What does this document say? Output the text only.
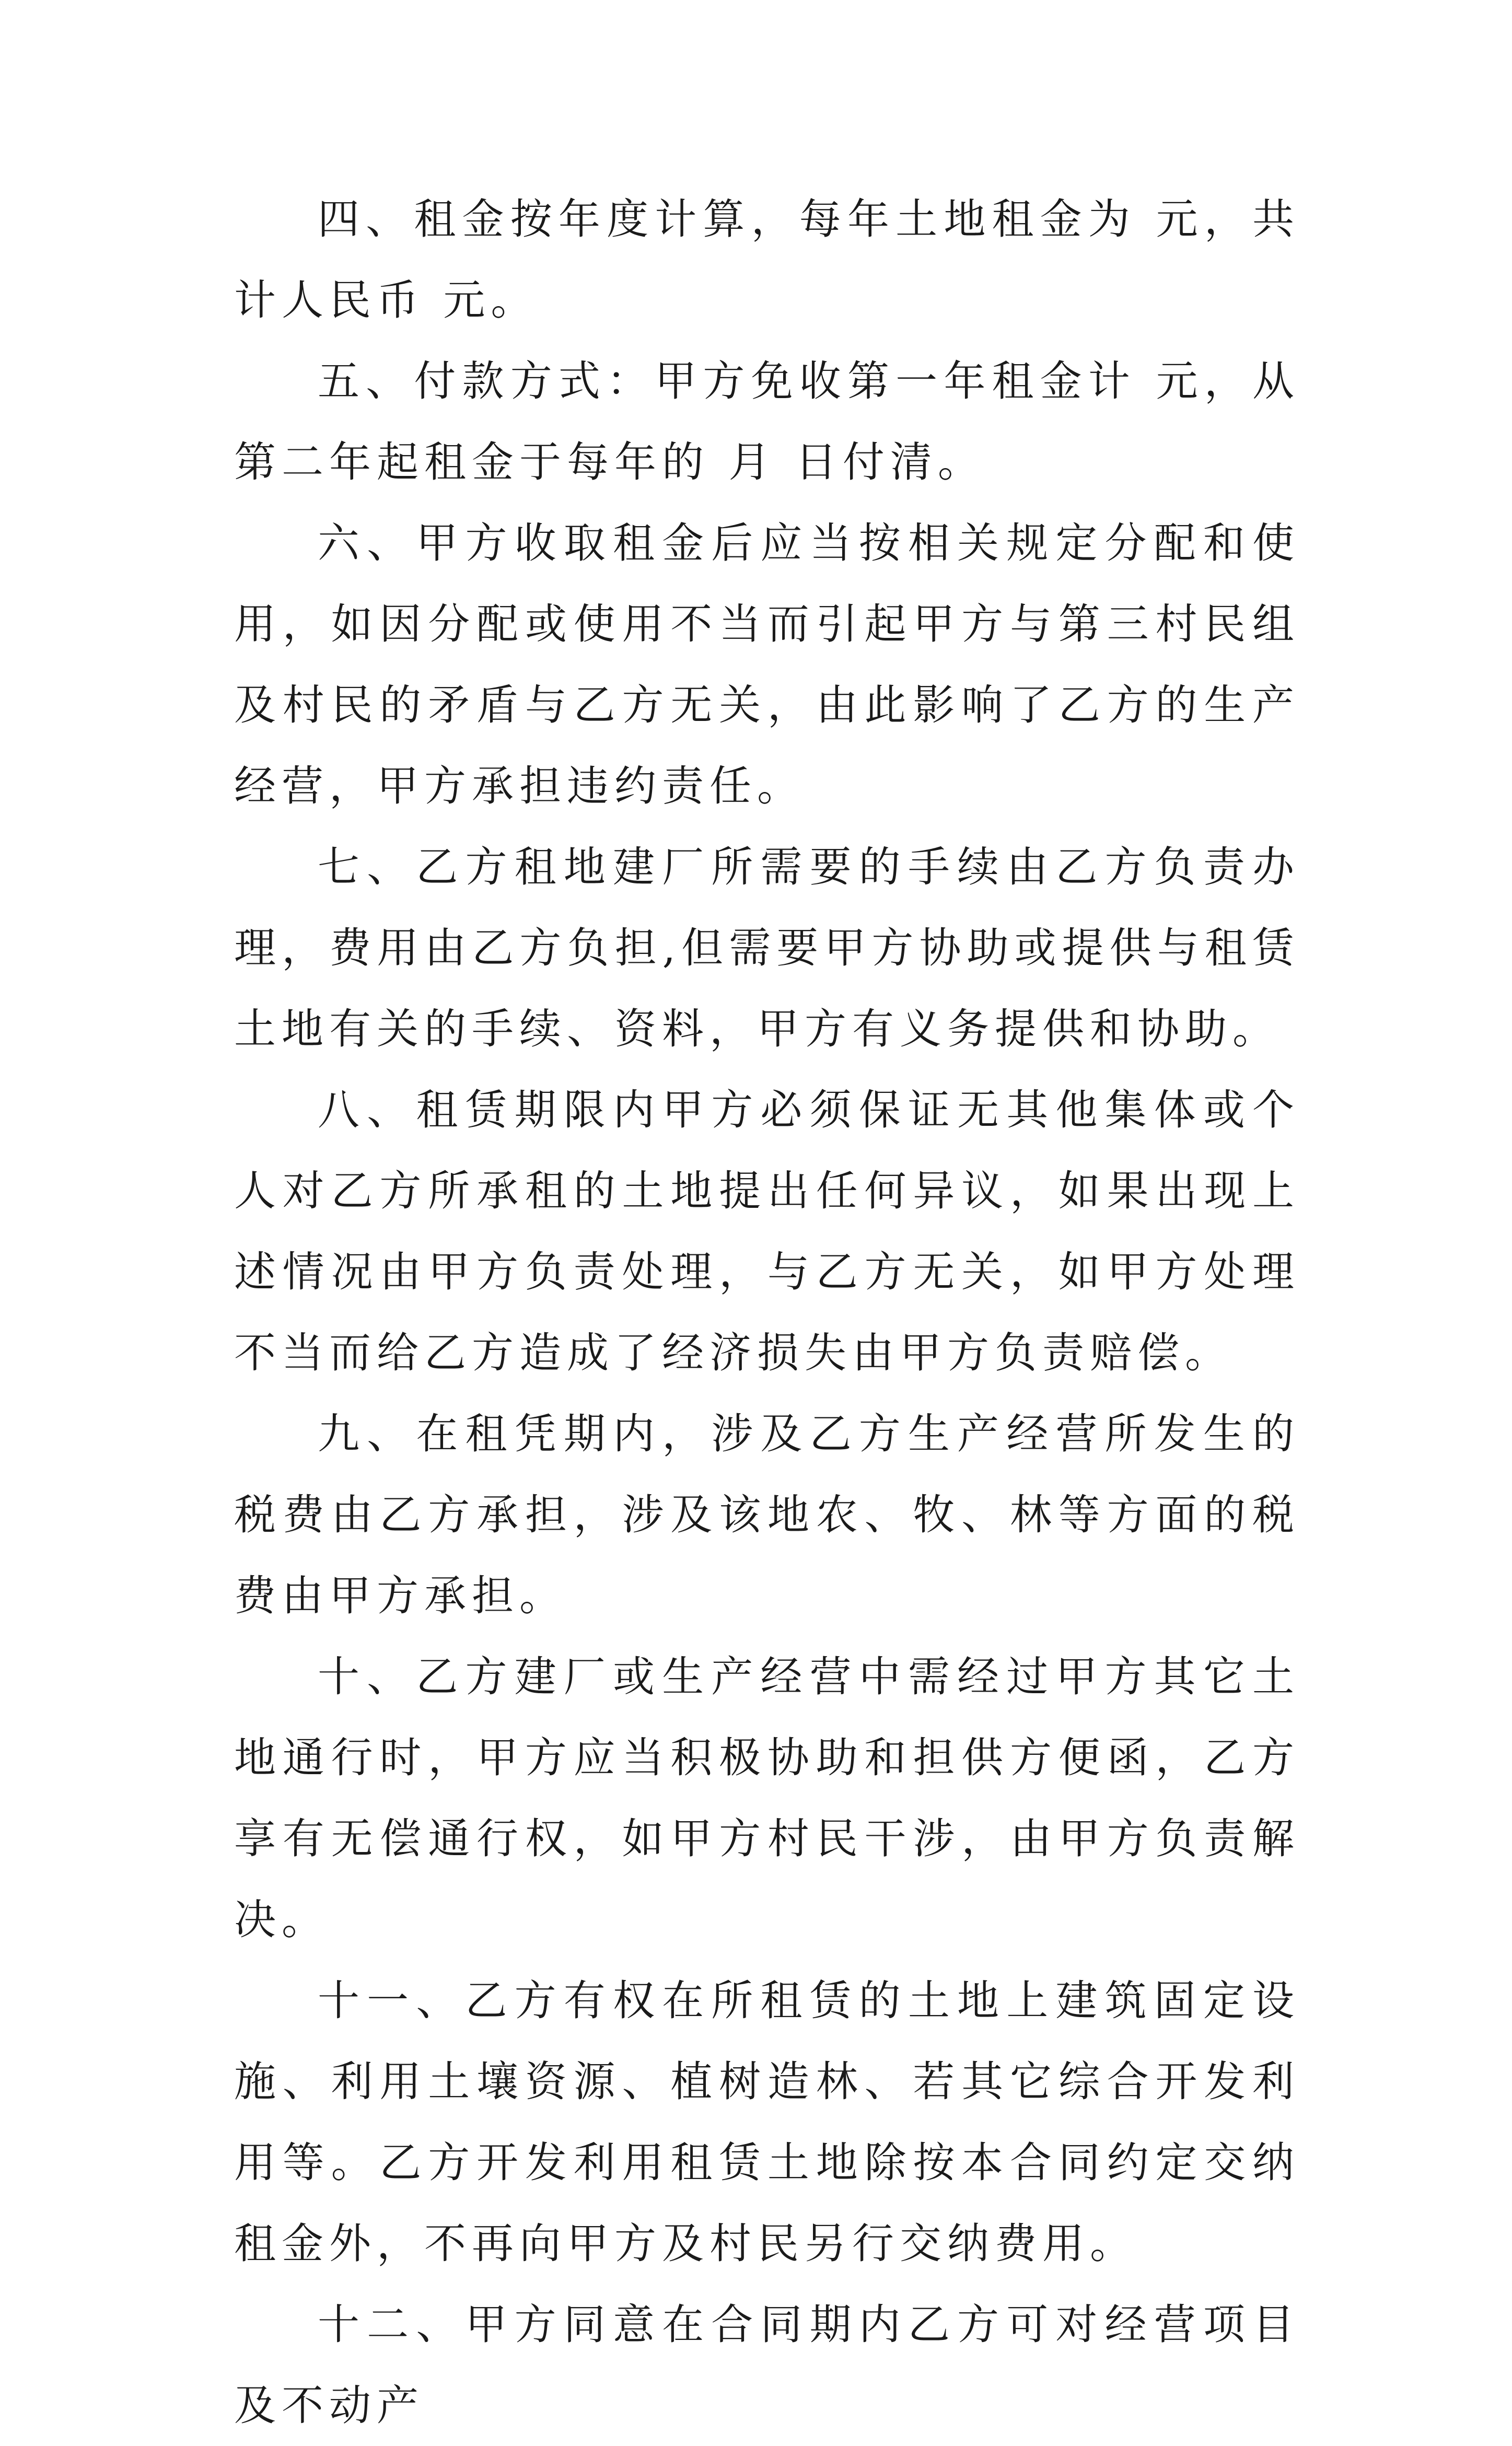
四、租金按年度计算，每年土地租金为 元，共计人民币 元。

五、付款方式：甲方免收第一年租金计 元，从第二年起租金于每年的 月 日付清。

六、甲方收取租金后应当按相关规定分配和使用，如因分配或使用不当而引起甲方与第三村民组及村民的矛盾与乙方无关，由此影响了乙方的生产经营，甲方承担违约责任。

七、乙方租地建厂所需要的手续由乙方负责办理，费用由乙方负担,但需要甲方协助或提供与租赁土地有关的手续、资料，甲方有义务提供和协助。

八、租赁期限内甲方必须保证无其他集体或个人对乙方所承租的土地提出任何异议，如果出现上述情况由甲方负责处理，与乙方无关，如甲方处理不当而给乙方造成了经济损失由甲方负责赔偿。

九、在租凭期内，涉及乙方生产经营所发生的税费由乙方承担，涉及该地农、牧、林等方面的税费由甲方承担。

十、乙方建厂或生产经营中需经过甲方其它土地通行时，甲方应当积极协助和担供方便函，乙方享有无偿通行权，如甲方村民干涉，由甲方负责解决。

十一、乙方有权在所租赁的土地上建筑固定设施、利用土壤资源、植树造林、若其它综合开发利用等。乙方开发利用租赁土地除按本合同约定交纳租金外，不再向甲方及村民另行交纳费用。

十二、甲方同意在合同期内乙方可对经营项目及不动产
